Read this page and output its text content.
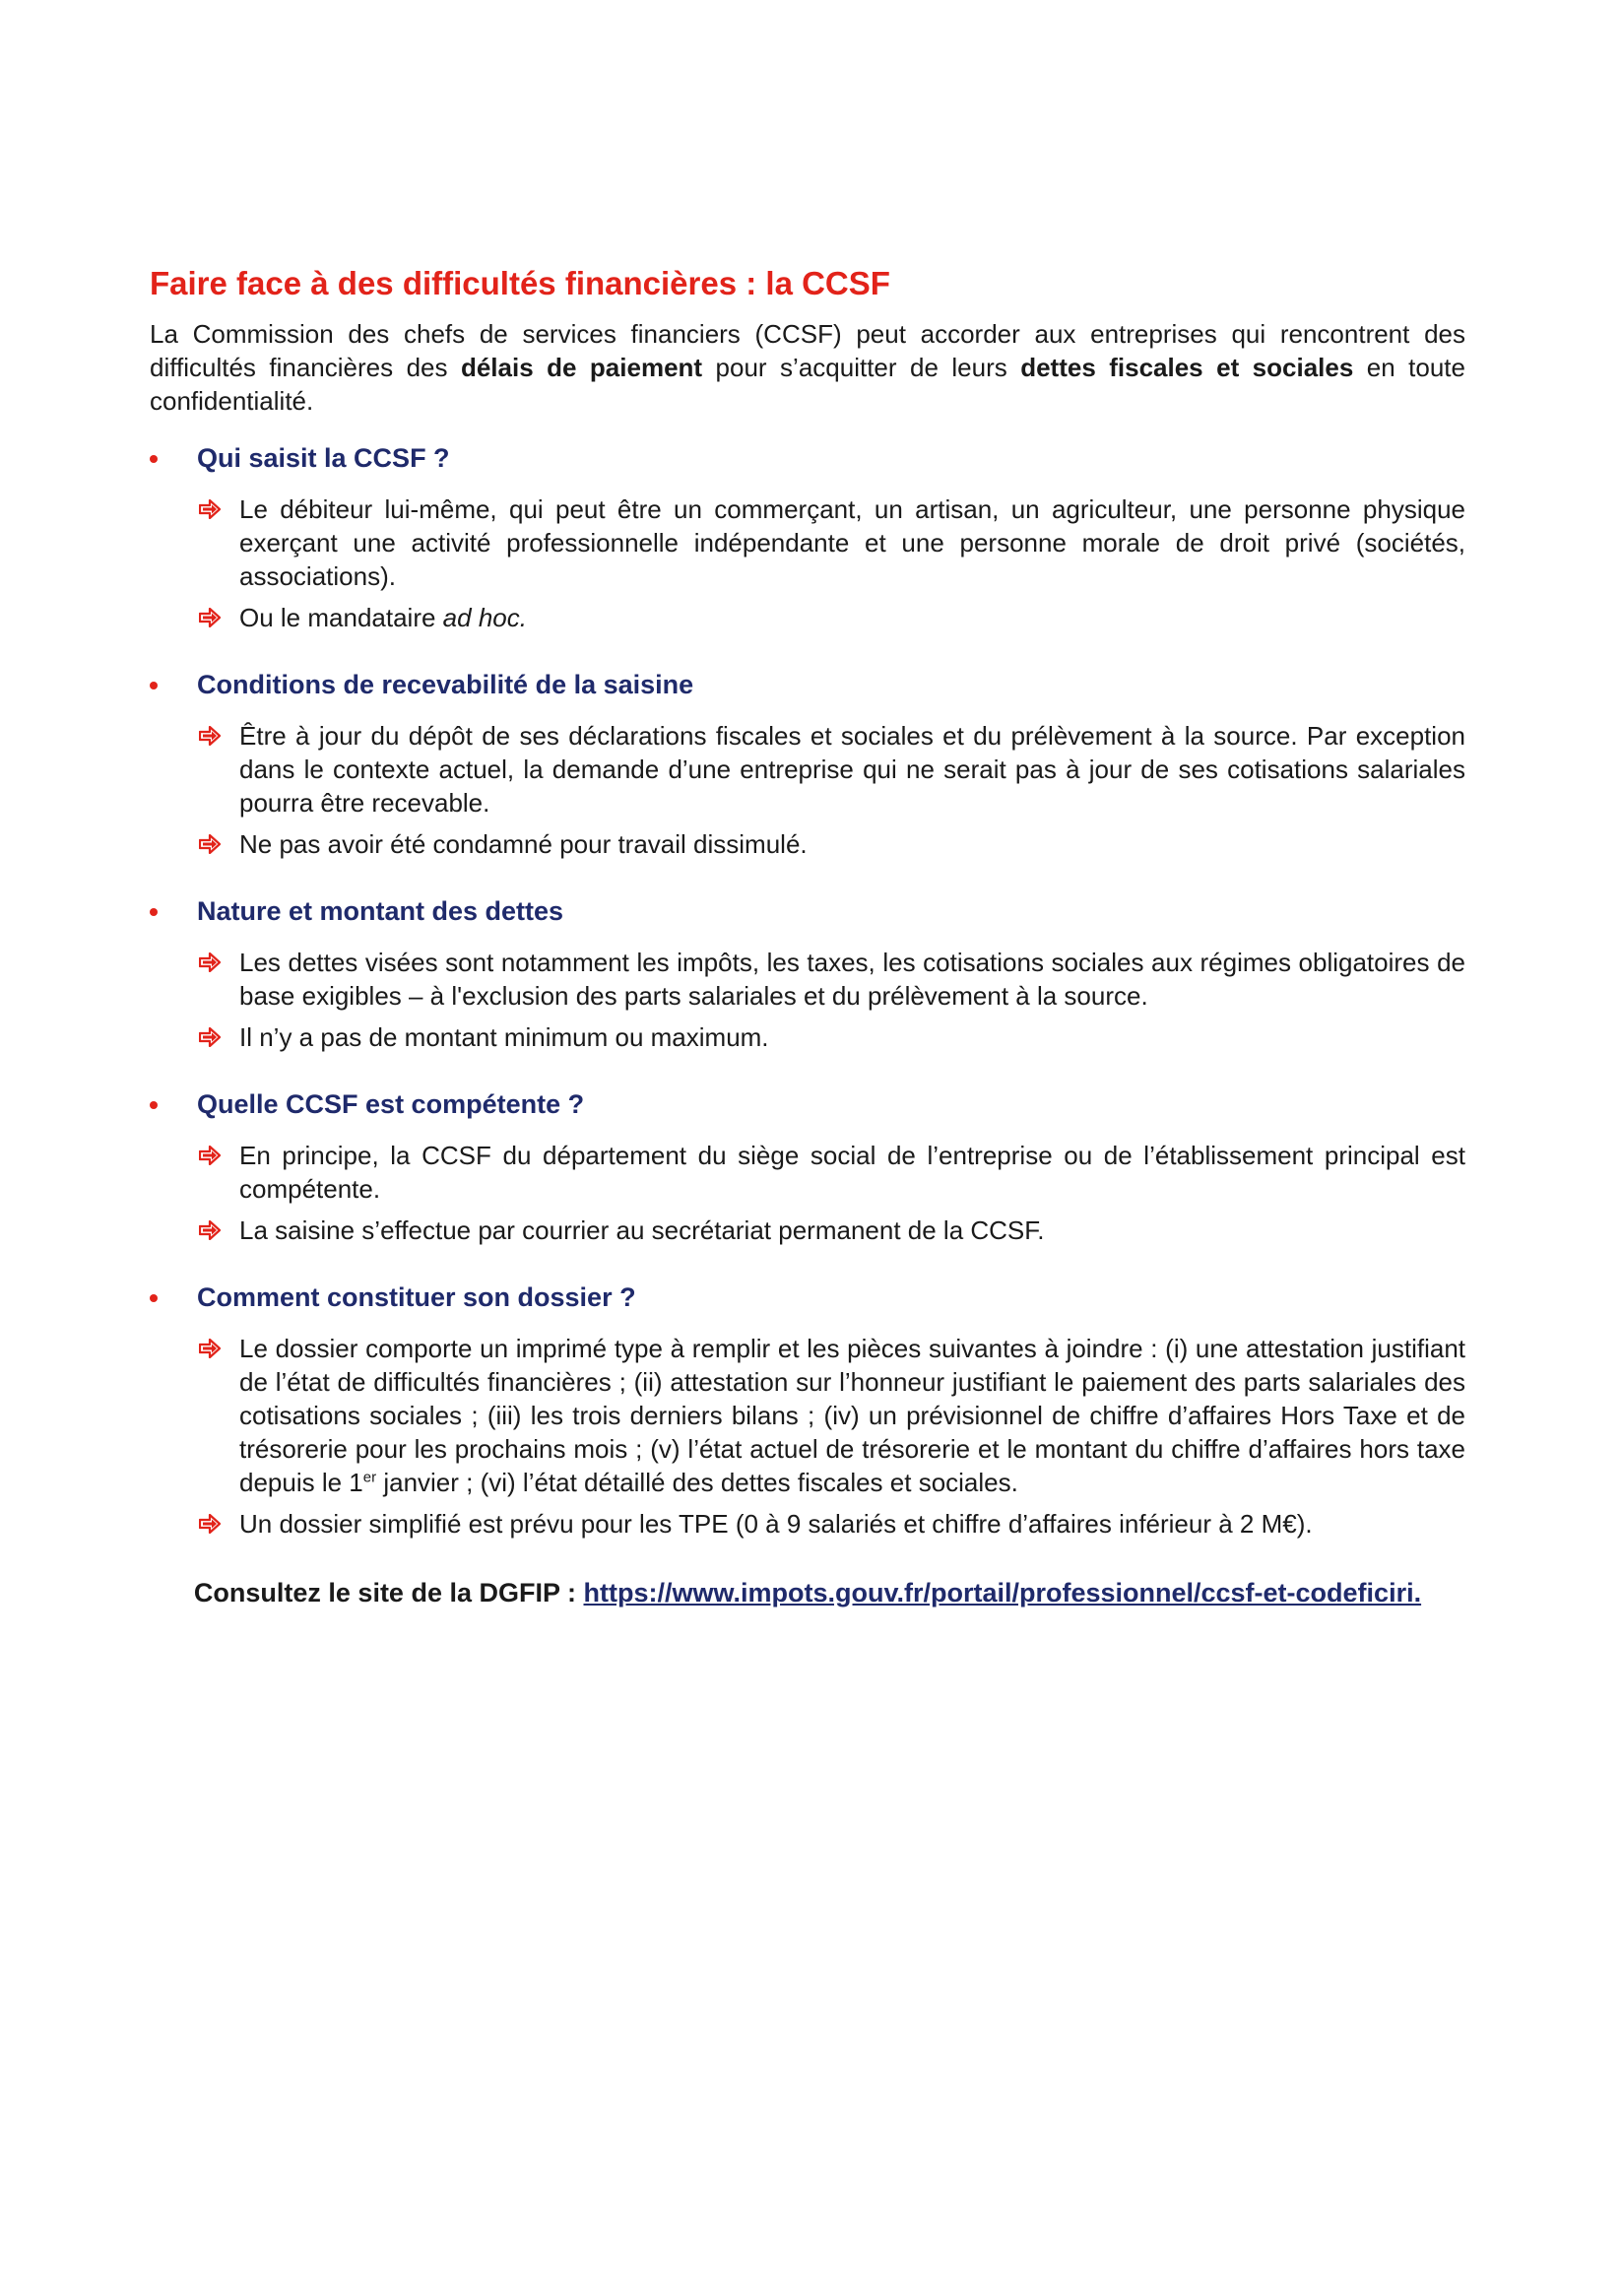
Faire face à des difficultés financières : la CCSF

La Commission des chefs de services financiers (CCSF) peut accorder aux entreprises qui rencontrent des difficultés financières des délais de paiement pour s’acquitter de leurs dettes fiscales et sociales en toute confidentialité.

Qui saisit la CCSF ?
Le débiteur lui-même, qui peut être un commerçant, un artisan, un agriculteur, une personne physique exerçant une activité professionnelle indépendante et une personne morale de droit privé (sociétés, associations).
Ou le mandataire ad hoc.
Conditions de recevabilité de la saisine
Être à jour du dépôt de ses déclarations fiscales et sociales et du prélèvement à la source. Par exception dans le contexte actuel, la demande d’une entreprise qui ne serait pas à jour de ses cotisations salariales pourra être recevable.
Ne pas avoir été condamné pour travail dissimulé.
Nature et montant des dettes
Les dettes visées sont notamment les impôts, les taxes, les cotisations sociales aux régimes obligatoires de base exigibles – à l'exclusion des parts salariales et du prélèvement à la source.
Il n’y a pas de montant minimum ou maximum.
Quelle CCSF est compétente ?
En principe, la CCSF du département du siège social de l’entreprise ou de l’établissement principal est compétente.
La saisine s’effectue par courrier au secrétariat permanent de la CCSF.
Comment constituer son dossier ?
Le dossier comporte un imprimé type à remplir et les pièces suivantes à joindre : (i) une attestation justifiant de l’état de difficultés financières ; (ii) attestation sur l’honneur justifiant le paiement des parts salariales des cotisations sociales ; (iii) les trois derniers bilans ; (iv) un prévisionnel de chiffre d’affaires Hors Taxe et de trésorerie pour les prochains mois ; (v) l’état actuel de trésorerie et le montant du chiffre d’affaires hors taxe depuis le 1er janvier ; (vi) l’état détaillé des dettes fiscales et sociales.
Un dossier simplifié est prévu pour les TPE (0 à 9 salariés et chiffre d’affaires inférieur à 2 M€).
Consultez le site de la DGFIP : https://www.impots.gouv.fr/portail/professionnel/ccsf-et-codeficiri.
